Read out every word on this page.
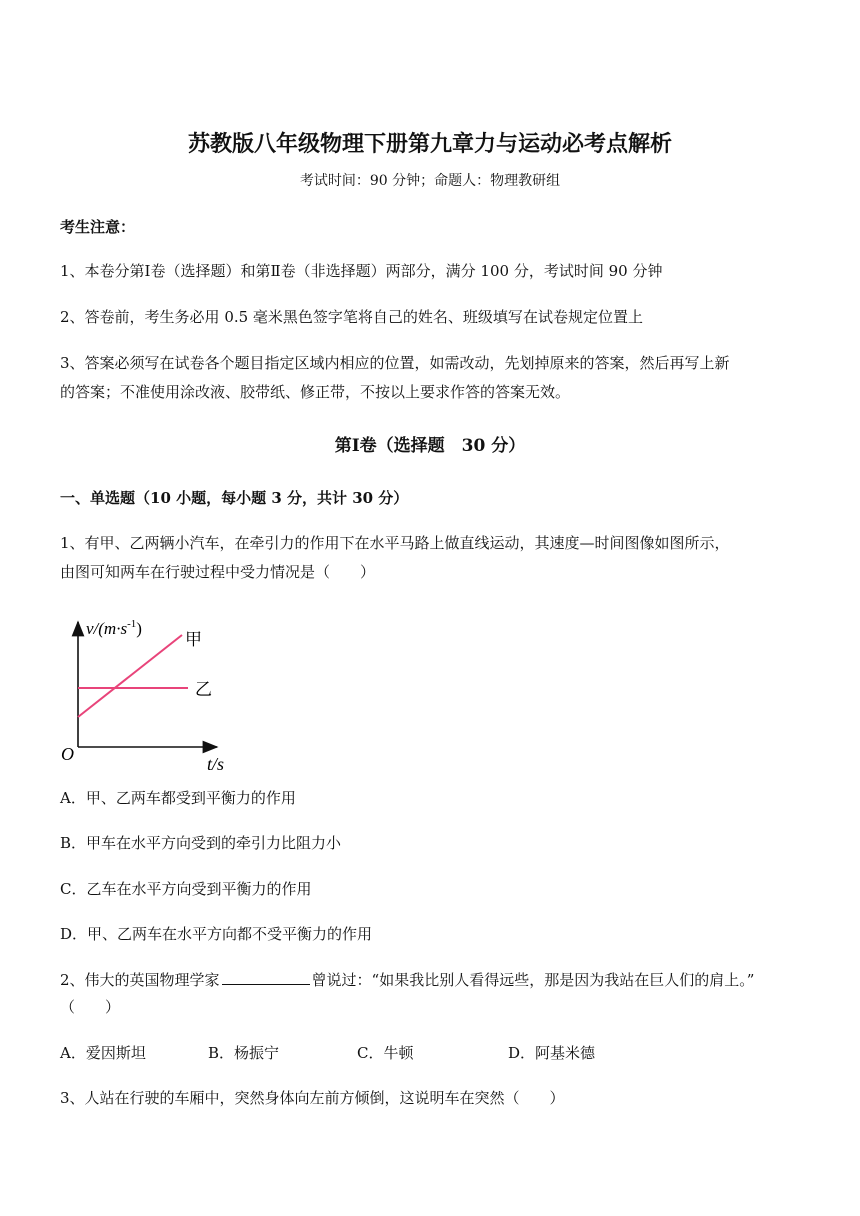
苏教版八年级物理下册第九章力与运动必考点解析
考试时间：90 分钟；命题人：物理教研组
考生注意：
1、本卷分第Ⅰ卷（选择题）和第Ⅱ卷（非选择题）两部分，满分 100 分，考试时间 90 分钟
2、答卷前，考生务必用 0.5 毫米黑色签字笔将自己的姓名、班级填写在试卷规定位置上
3、答案必须写在试卷各个题目指定区域内相应的位置，如需改动，先划掉原来的答案，然后再写上新
的答案；不准使用涂改液、胶带纸、修正带，不按以上要求作答的答案无效。
第Ⅰ卷（选择题　30 分）
一、单选题（10 小题，每小题 3 分，共计 30 分）
1、有甲、乙两辆小汽车，在牵引力的作用下在水平马路上做直线运动，其速度—时间图像如图所示，
由图可知两车在行驶过程中受力情况是（　　）
$v/(m\cdot s^{-1})$
甲
乙
O	t/s
A．甲、乙两车都受到平衡力的作用
B．甲车在水平方向受到的牵引力比阻力小
C．乙车在水平方向受到平衡力的作用
D．甲、乙两车在水平方向都不受平衡力的作用
2、伟大的英国物理学家	曾说过：“如果我比别人看得远些，那是因为我站在巨人们的肩上。”
（　　）
A．爱因斯坦	B．杨振宁	C．牛顿	D．阿基米德
3、人站在行驶的车厢中，突然身体向左前方倾倒，这说明车在突然（　　）
